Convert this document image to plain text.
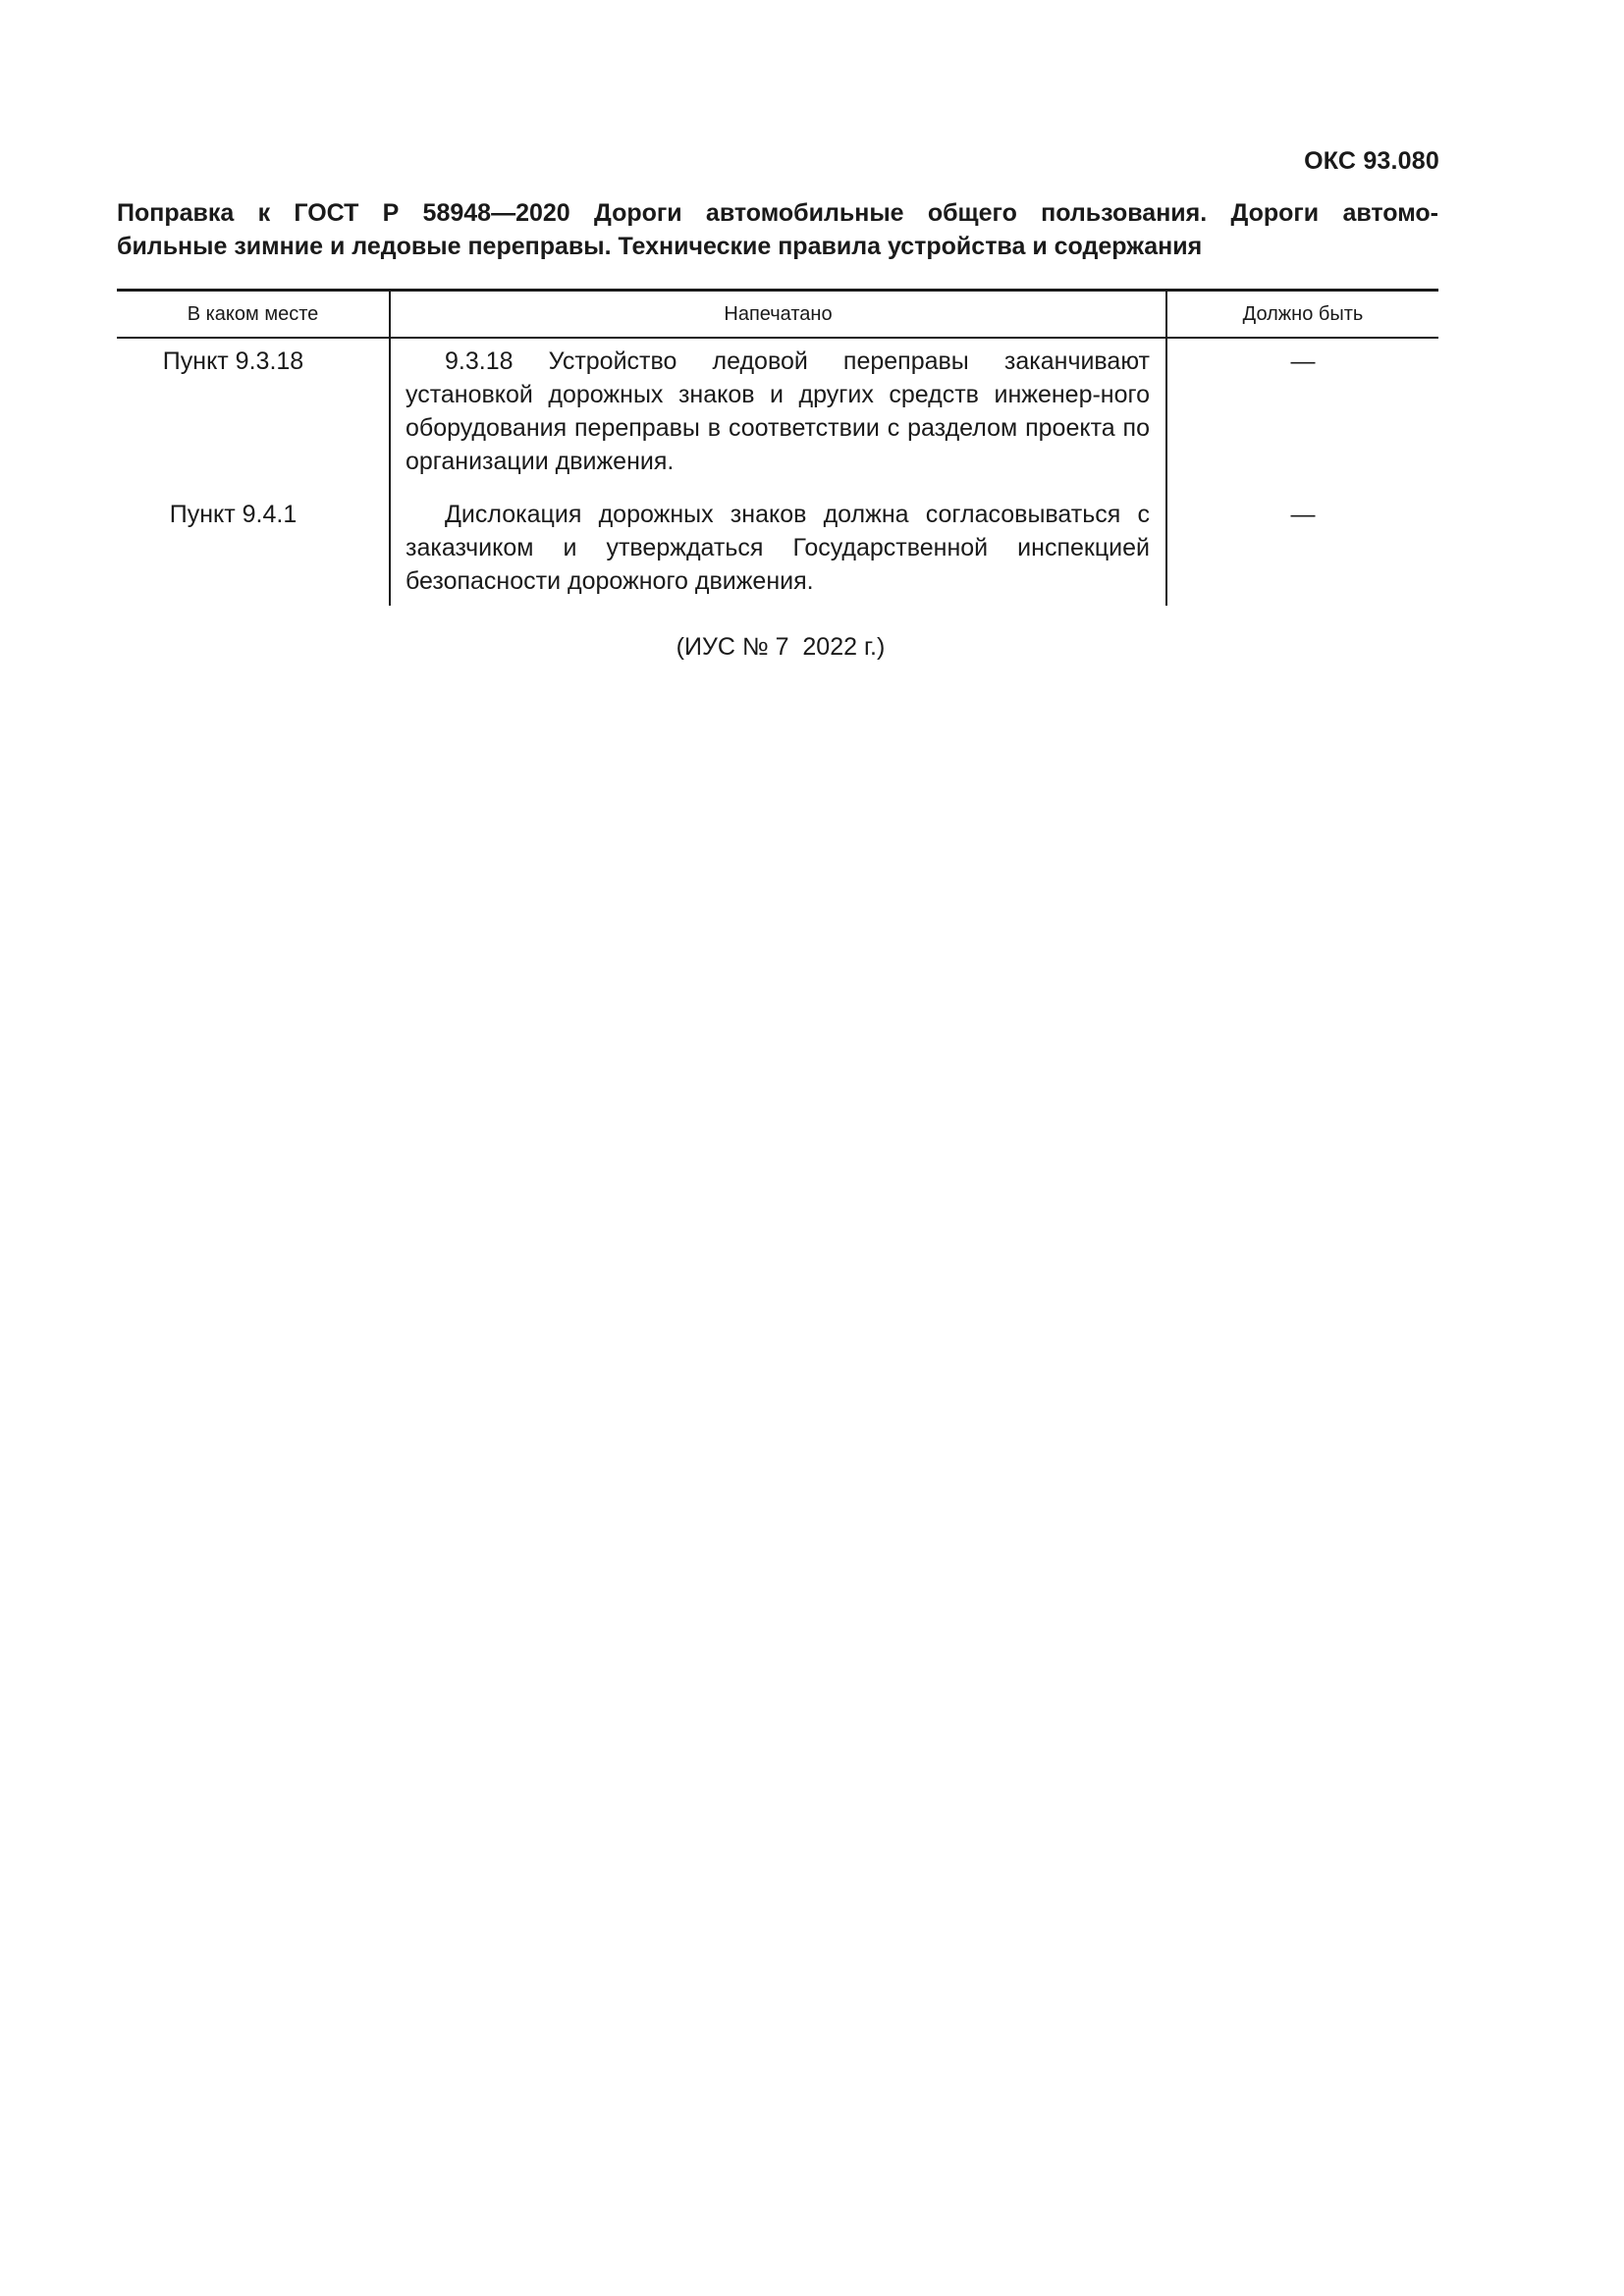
ОКС 93.080
Поправка к ГОСТ Р 58948—2020 Дороги автомобильные общего пользования. Дороги автомо-
бильные зимние и ледовые переправы. Технические правила устройства и содержания
В каком месте	Напечатано	Должно быть
Пункт 9.3.18	9.3.18 Устройство ледовой переправы заканчивают установкой дорожных знаков и других средств инженер-ного оборудования переправы в соответствии с разделом проекта по организации движения.	—
Пункт 9.4.1	Дислокация дорожных знаков должна согласовываться с заказчиком и утверждаться Государственной инспекцией безопасности дорожного движения.	—
(ИУС № 7  2022 г.)
